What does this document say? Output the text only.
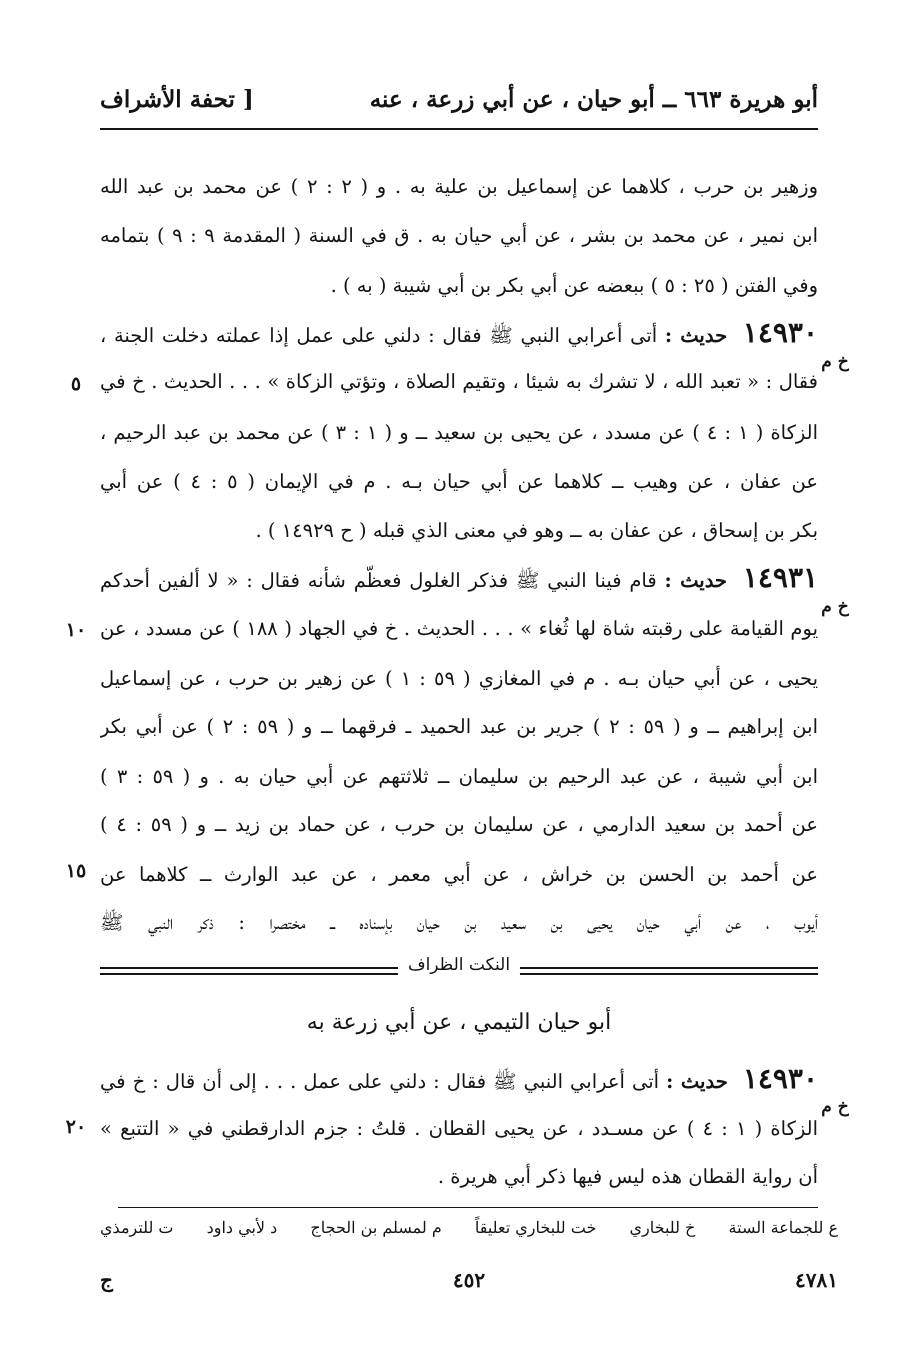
أبو هريرة ٦٦٣ ــ أبو حيان ، عن أبي زرعة ، عنه
[ تحفة الأشراف
وزهير بن حرب ، كلاهما عن إسماعيل بن علية به . و ( ٢ : ٢ ) عن محمد بن عبد الله
ابن نمير ، عن محمد بن بشر ، عن أبي حيان به . ق في السنة ( المقدمة ٩ : ٩ ) بتمامه
وفي الفتن ( ٢٥ : ٥ ) ببعضه عن أبي بكر بن أبي شيبة ( به ) .
١٤٩٣٠ حديث : أتى أعرابي النبي ﷺ فقال : دلني على عمل إذا عملته دخلت الجنة ،
خ م
فقال : « تعبد الله ، لا تشرك به شيئا ، وتقيم الصلاة ، وتؤتي الزكاة » . . . الحديث . خ في
٥
الزكاة ( ١ : ٤ ) عن مسدد ، عن يحيى بن سعيد ــ و ( ١ : ٣ ) عن محمد بن عبد الرحيم ،
عن عفان ، عن وهيب ــ كلاهما عن أبي حيان بـه . م في الإيمان ( ٥ : ٤ ) عن أبي
بكر بن إسحاق ، عن عفان به ــ وهو في معنى الذي قبله ( ح ١٤٩٢٩ ) .
١٤٩٣١ حديث : قام فينا النبي ﷺ فذكر الغلول فعظّم شأنه فقال : « لا ألفين أحدكم
خ م
يوم القيامة على رقبته شاة لها ثُغاء » . . . الحديث . خ في الجهاد ( ١٨٨ ) عن مسدد ، عن
١٠
يحيى ، عن أبي حيان بـه . م في المغازي ( ٥٩ : ١ ) عن زهير بن حرب ، عن إسماعيل
ابن إبراهيم ــ و ( ٥٩ : ٢ ) جرير بن عبد الحميد ـ فرقهما ــ و ( ٥٩ : ٢ ) عن أبي بكر
ابن أبي شيبة ، عن عبد الرحيم بن سليمان ــ ثلاثتهم عن أبي حيان به . و ( ٥٩ : ٣ )
عن أحمد بن سعيد الدارمي ، عن سليمان بن حرب ، عن حماد بن زيد ــ و ( ٥٩ : ٤ )
عن أحمد بن الحسن بن خراش ، عن أبي معمر ، عن عبد الوارث ــ كلاهما عن
١٥
أيوب ، عن أبي حيان يحيى بن سعيد بن حيان بإسناده ــ مختصرا : ذكر النبي ﷺ
النكت الظراف
أبو حيان التيمي ، عن أبي زرعة به
١٤٩٣٠ حديث : أتى أعرابي النبي ﷺ فقال : دلني على عمل . . . إلى أن قال : خ في
خ م
الزكاة ( ١ : ٤ ) عن مسـدد ، عن يحيى القطان . قلتُ : جزم الدارقطني في « التتبع »
٢٠
أن رواية القطان هذه ليس فيها ذكر أبي هريرة .
ع للجماعة الستة
خ للبخاري
خت للبخاري تعليقاً
م لمسلم بن الحجاج
د لأبي داود
ت للترمذي
٤٧٨١
٤٥٢
ج
